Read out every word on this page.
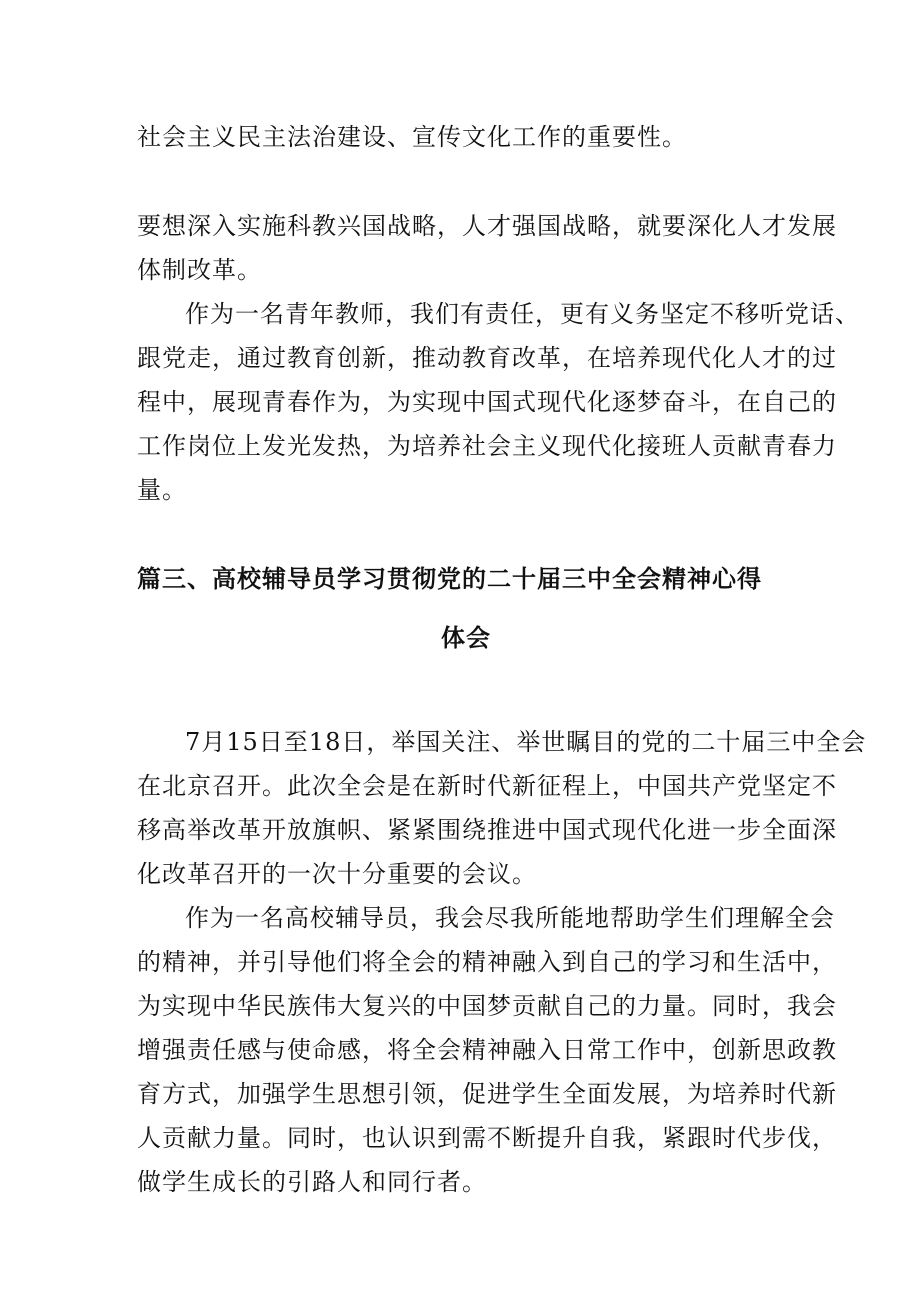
社会主义民主法治建设、宣传文化工作的重要性。
要想深入实施科教兴国战略，人才强国战略，就要深化人才发展
体制改革。
作为一名青年教师，我们有责任，更有义务坚定不移听党话、
跟党走，通过教育创新，推动教育改革，在培养现代化人才的过
程中，展现青春作为，为实现中国式现代化逐梦奋斗，在自己的
工作岗位上发光发热，为培养社会主义现代化接班人贡献青春力
量。
篇三、高校辅导员学习贯彻党的二十届三中全会精神心得
体会
7月15日至18日，举国关注、举世瞩目的党的二十届三中全会
在北京召开。此次全会是在新时代新征程上，中国共产党坚定不
移高举改革开放旗帜、紧紧围绕推进中国式现代化进一步全面深
化改革召开的一次十分重要的会议。
作为一名高校辅导员，我会尽我所能地帮助学生们理解全会
的精神，并引导他们将全会的精神融入到自己的学习和生活中，
为实现中华民族伟大复兴的中国梦贡献自己的力量。同时，我会
增强责任感与使命感，将全会精神融入日常工作中，创新思政教
育方式，加强学生思想引领，促进学生全面发展，为培养时代新
人贡献力量。同时，也认识到需不断提升自我，紧跟时代步伐，
做学生成长的引路人和同行者。
